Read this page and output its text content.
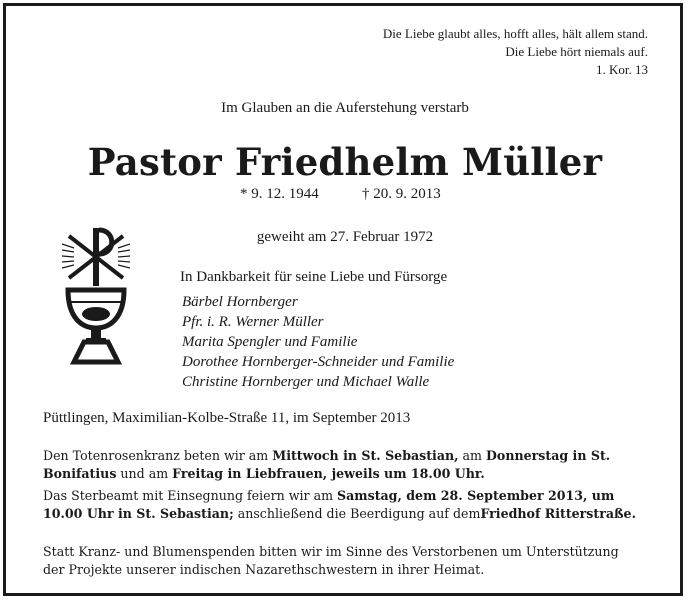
Die Liebe glaubt alles, hofft alles, hält allem stand.
Die Liebe hört niemals auf.
1. Kor. 13
Im Glauben an die Auferstehung verstarb
Pastor Friedhelm Müller
* 9. 12. 1944	† 20. 9. 2013
geweiht am 27. Februar 1972
In Dankbarkeit für seine Liebe und Fürsorge
Bärbel Hornberger
Pfr. i. R. Werner Müller
Marita Spengler und Familie
Dorothee Hornberger-Schneider und Familie
Christine Hornberger und Michael Walle
Püttlingen, Maximilian-Kolbe-Straße 11, im September 2013
Den Totenrosenkranz beten wir am Mittwoch in St. Sebastian, am Donnerstag in St. Bonifatius und am Freitag in Liebfrauen, jeweils um 18.00 Uhr.
Das Sterbeamt mit Einsegnung feiern wir am Samstag, dem 28. September 2013, um 10.00 Uhr in St. Sebastian; anschließend die Beerdigung auf demFriedhof Ritterstraße.
Statt Kranz- und Blumenspenden bitten wir im Sinne des Verstorbenen um Unterstützung der Projekte unserer indischen Nazarethschwestern in ihrer Heimat.
